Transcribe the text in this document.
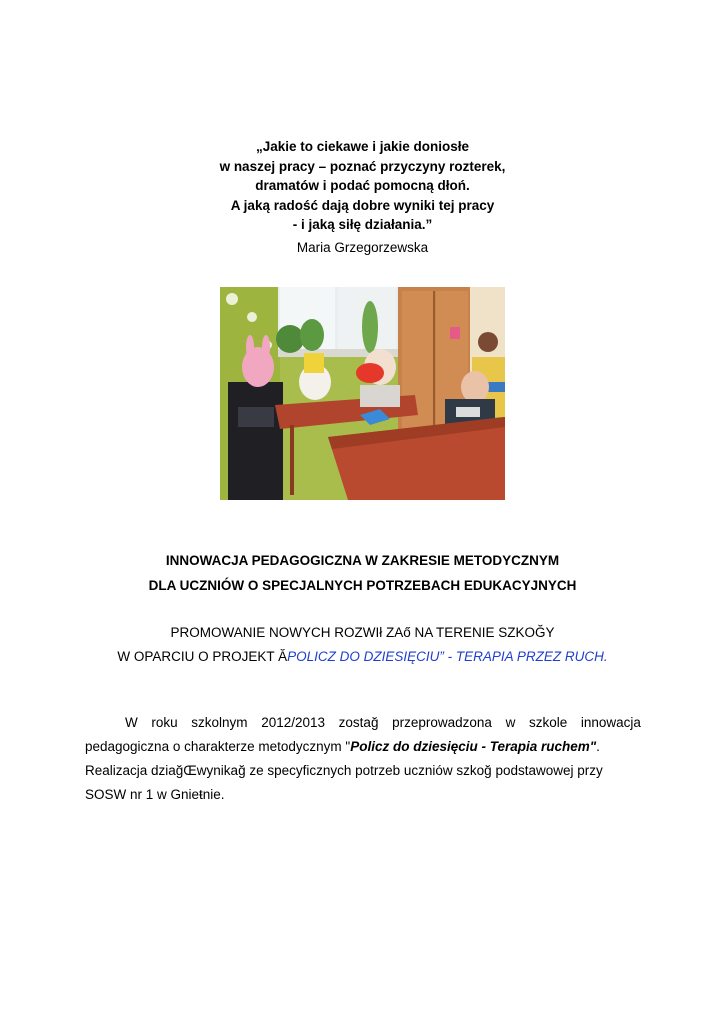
„Jakie to ciekawe i jakie doniosłe
w naszej pracy – poznać przyczyny rozterek,
dramatów i podać pomocną dłoń.
A jaką radość dają dobre wyniki tej pracy
- i jaką siłę działania.”
Maria Grzegorzewska
INNOWACJA PEDAGOGICZNA W ZAKRESIE METODYCZNYM
DLA UCZNIÓW O SPECJALNYCH POTRZEBACH EDUKACYJNYCH
PROMOWANIE NOWYCH ROZWIł ZAő NA TERENIE SZKOĞY
W OPARCIU O PROJEKT ĂPOLICZ DO DZIESIĘCIU” - TERAPIA PRZEZ RUCH.
W roku szkolnym 2012/2013 zostağ przeprowadzona w szkole innowacja
pedagogiczna o charakterze metodycznym "Policz do dziesięciu - Terapia ruchem".
Realizacja dziağŒwynikağ ze specyficznych potrzeb uczniów szkoğ podstawowej przy
SOSW nr 1 w Gnieŧnie.
